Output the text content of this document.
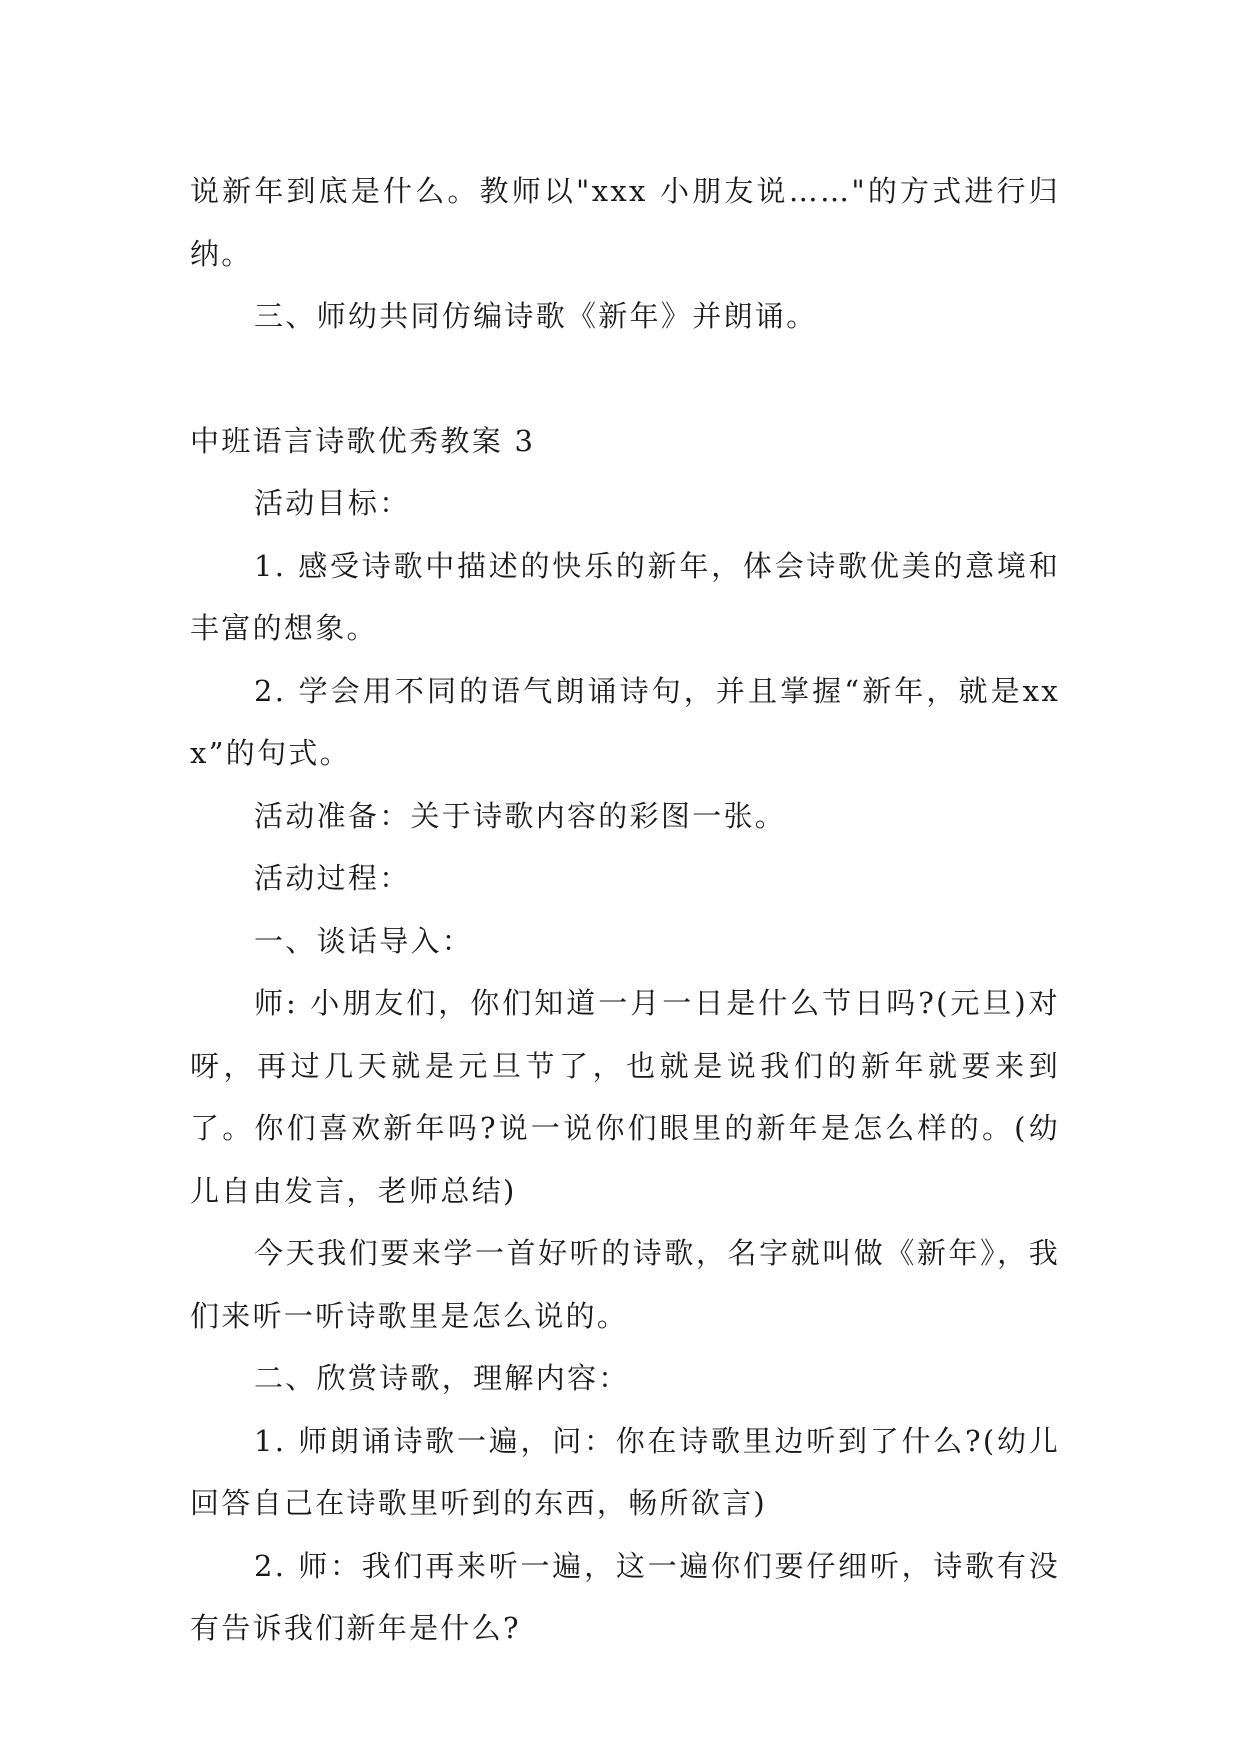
说新年到底是什么。教师以"xxx 小朋友说……"的方式进行归纳。

三、师幼共同仿编诗歌《新年》并朗诵。

中班语言诗歌优秀教案 3

活动目标：

1. 感受诗歌中描述的快乐的新年，体会诗歌优美的意境和丰富的想象。

2. 学会用不同的语气朗诵诗句，并且掌握“新年，就是xxx”的句式。

活动准备：关于诗歌内容的彩图一张。

活动过程：

一、谈话导入：

师: 小朋友们，你们知道一月一日是什么节日吗?(元旦)对呀，再过几天就是元旦节了，也就是说我们的新年就要来到了。你们喜欢新年吗?说一说你们眼里的新年是怎么样的。(幼儿自由发言，老师总结)

今天我们要来学一首好听的诗歌，名字就叫做《新年》，我们来听一听诗歌里是怎么说的。

二、欣赏诗歌，理解内容：

1. 师朗诵诗歌一遍，问：你在诗歌里边听到了什么?(幼儿回答自己在诗歌里听到的东西，畅所欲言)

2. 师：我们再来听一遍，这一遍你们要仔细听，诗歌有没有告诉我们新年是什么?
